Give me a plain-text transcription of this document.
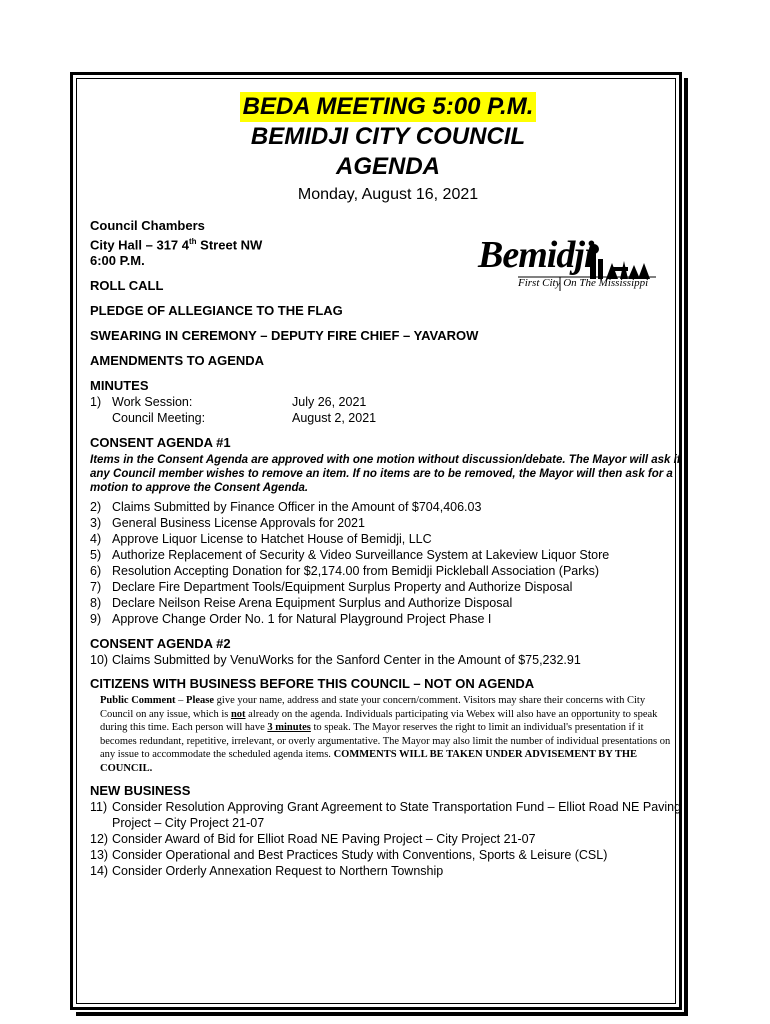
Bemidji
First City On The Mississippi
BEDA MEETING 5:00 P.M.
BEMIDJI CITY COUNCIL
AGENDA
Monday, August 16, 2021
Council Chambers
City Hall – 317 4th Street NW
6:00 P.M.
ROLL CALL
PLEDGE OF ALLEGIANCE TO THE FLAG
SWEARING IN CEREMONY – DEPUTY FIRE CHIEF – YAVAROW
AMENDMENTS TO AGENDA
MINUTES
1) Work Session:	July 26, 2021
Council Meeting:	August 2, 2021
CONSENT AGENDA #1
Items in the Consent Agenda are approved with one motion without discussion/debate. The Mayor will ask if any Council member wishes to remove an item. If no items are to be removed, the Mayor will then ask for a motion to approve the Consent Agenda.
2) Claims Submitted by Finance Officer in the Amount of $704,406.03
3) General Business License Approvals for 2021
4) Approve Liquor License to Hatchet House of Bemidji, LLC
5) Authorize Replacement of Security & Video Surveillance System at Lakeview Liquor Store
6) Resolution Accepting Donation for $2,174.00 from Bemidji Pickleball Association (Parks)
7) Declare Fire Department Tools/Equipment Surplus Property and Authorize Disposal
8) Declare Neilson Reise Arena Equipment Surplus and Authorize Disposal
9) Approve Change Order No. 1 for Natural Playground Project Phase I
CONSENT AGENDA #2
10) Claims Submitted by VenuWorks for the Sanford Center in the Amount of $75,232.91
CITIZENS WITH BUSINESS BEFORE THIS COUNCIL – NOT ON AGENDA
Public Comment – Please give your name, address and state your concern/comment. Visitors may share their concerns with City Council on any issue, which is not already on the agenda. Individuals participating via Webex will also have an opportunity to speak during this time. Each person will have 3 minutes to speak. The Mayor reserves the right to limit an individual's presentation if it becomes redundant, repetitive, irrelevant, or overly argumentative. The Mayor may also limit the number of individual presentations on any issue to accommodate the scheduled agenda items. COMMENTS WILL BE TAKEN UNDER ADVISEMENT BY THE COUNCIL.
NEW BUSINESS
11) Consider Resolution Approving Grant Agreement to State Transportation Fund – Elliot Road NE Paving Project – City Project 21-07
12) Consider Award of Bid for Elliot Road NE Paving Project – City Project 21-07
13) Consider Operational and Best Practices Study with Conventions, Sports & Leisure (CSL)
14) Consider Orderly Annexation Request to Northern Township
